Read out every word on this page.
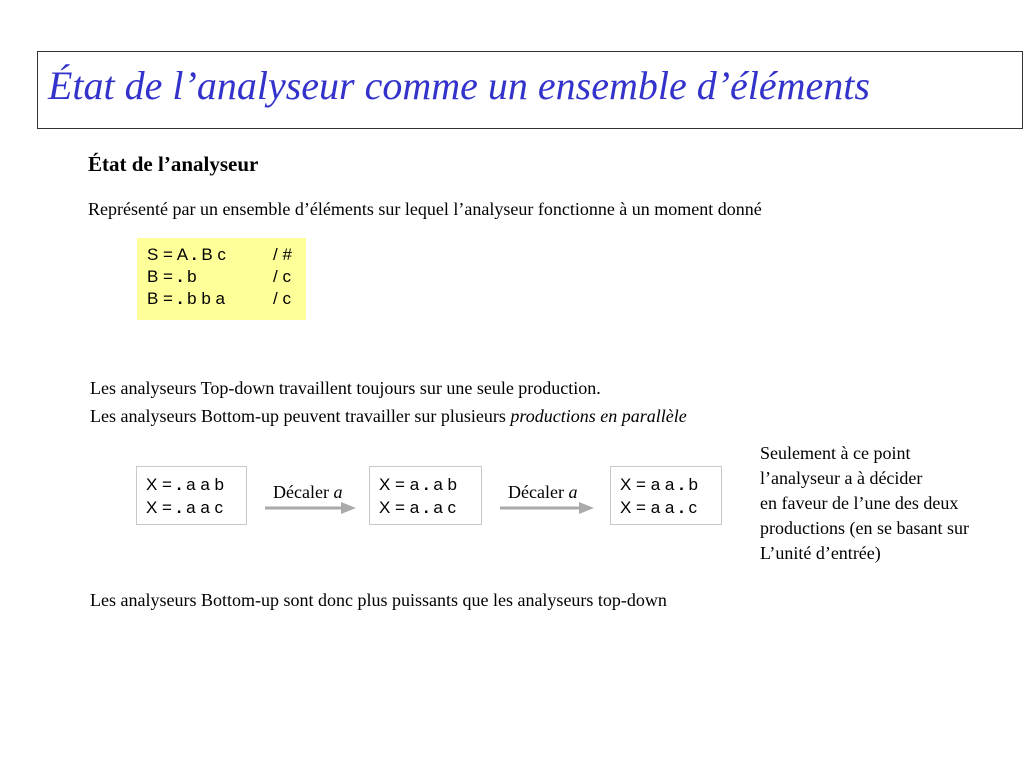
État de l’analyseur comme un ensemble d’éléments
État de l’analyseur
Représenté par un ensemble d’éléments sur lequel l’analyseur fonctionne à un moment donné
S = A . B c	/ #
B = . b	/ c
B = . b b a	/ c
Les analyseurs Top-down travaillent toujours sur une seule production.
Les analyseurs Bottom-up peuvent travailler sur plusieurs productions en parallèle
X = . a a b
X = . a a c
Décaler a	X = a . a b
X = a . a c
Décaler a	X = a a . b
X = a a . c
Seulement à ce point
l’analyseur a à décider
en faveur de l’une des deux
productions (en se basant sur
L’unité d’entrée)
Les analyseurs Bottom-up sont donc plus puissants que les analyseurs top-down
